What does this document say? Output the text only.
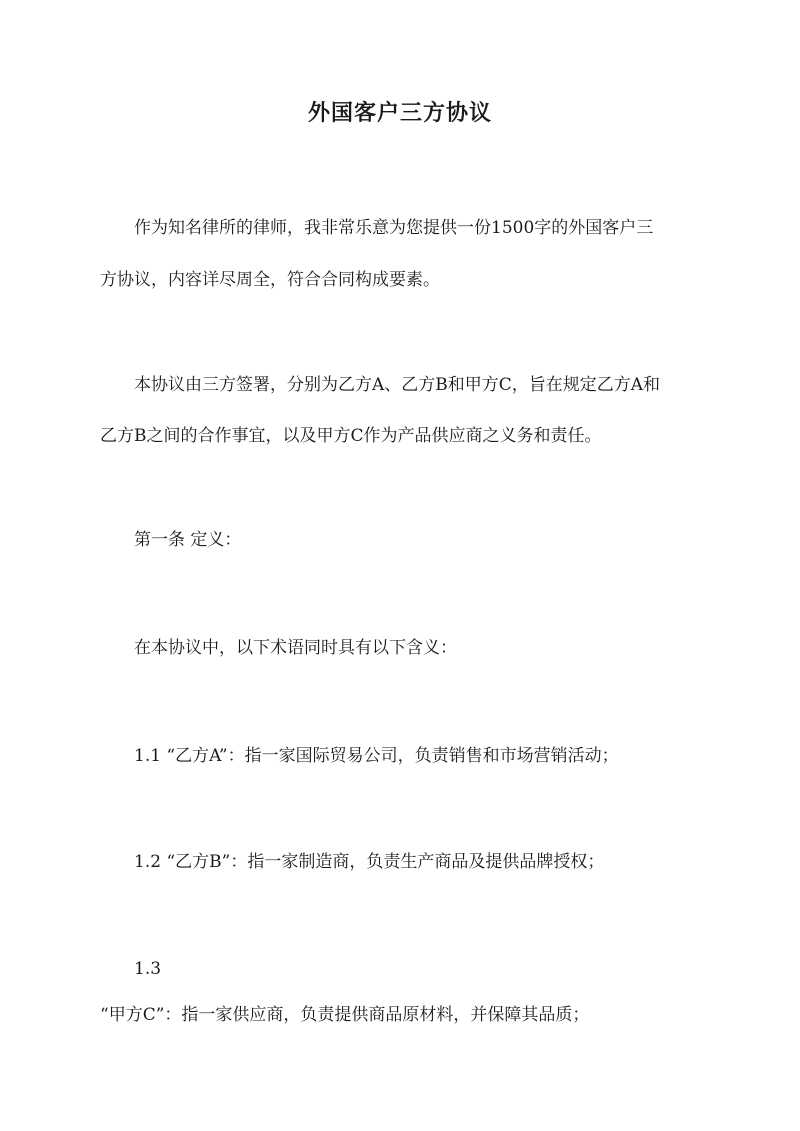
外国客户三方协议
作为知名律所的律师，我非常乐意为您提供一份1500字的外国客户三
方协议，内容详尽周全，符合合同构成要素。
本协议由三方签署，分别为乙方A、乙方B和甲方C，旨在规定乙方A和
乙方B之间的合作事宜，以及甲方C作为产品供应商之义务和责任。
第一条 定义：
在本协议中，以下术语同时具有以下含义：
1.1 “乙方A”：指一家国际贸易公司，负责销售和市场营销活动；
1.2 “乙方B”：指一家制造商，负责生产商品及提供品牌授权；
1.3
“甲方C”：指一家供应商，负责提供商品原材料，并保障其品质；
